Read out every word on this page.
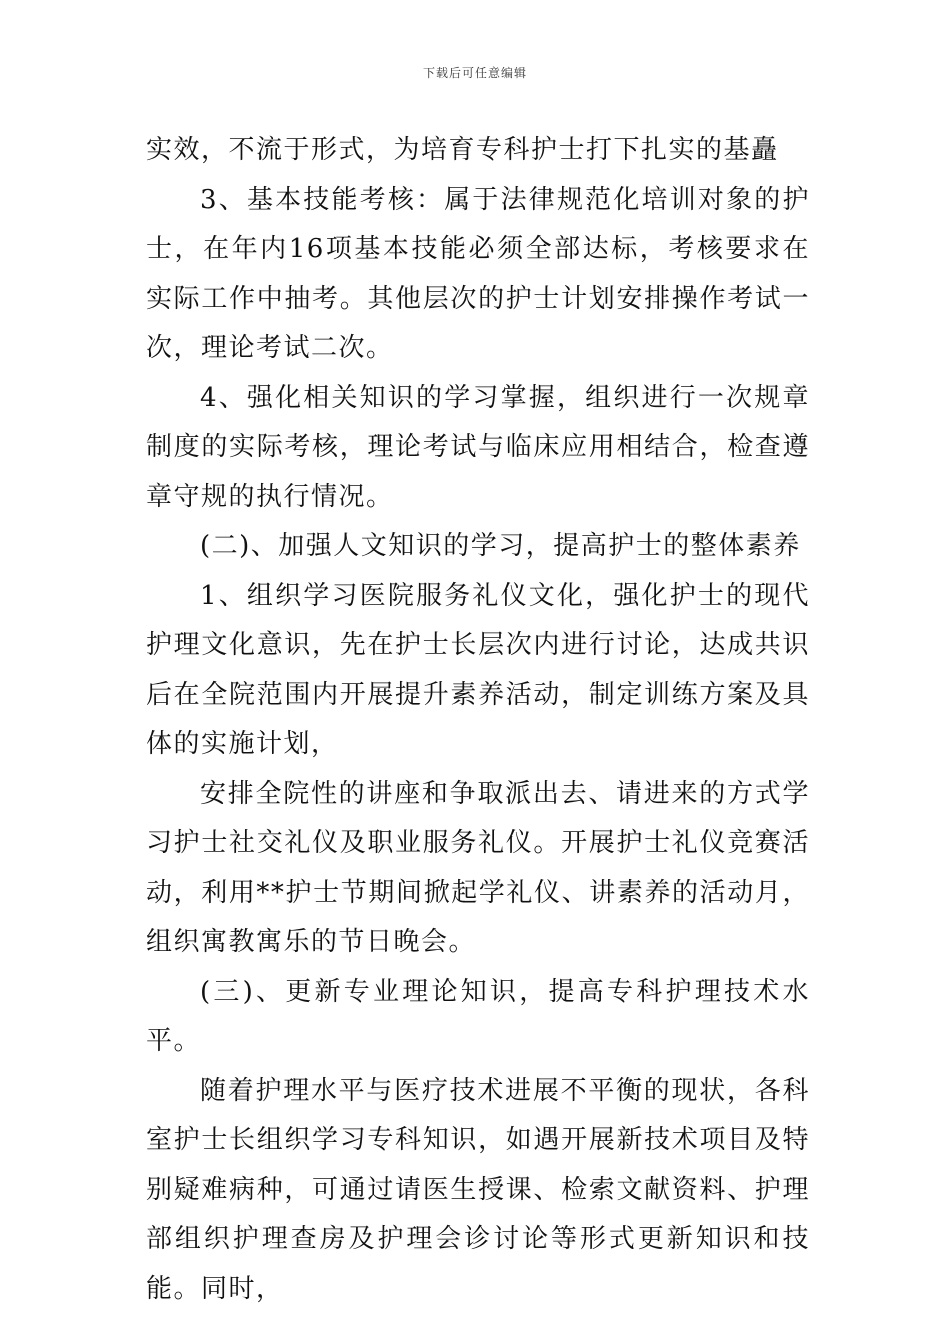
下载后可任意编辑

实效，不流于形式，为培育专科护士打下扎实的基矗

3、基本技能考核：属于法律规范化培训对象的护士，在年内16项基本技能必须全部达标，考核要求在实际工作中抽考。其他层次的护士计划安排操作考试一次，理论考试二次。

4、强化相关知识的学习掌握，组织进行一次规章制度的实际考核，理论考试与临床应用相结合，检查遵章守规的执行情况。

(二)、加强人文知识的学习，提高护士的整体素养

1、组织学习医院服务礼仪文化，强化护士的现代护理文化意识，先在护士长层次内进行讨论，达成共识后在全院范围内开展提升素养活动，制定训练方案及具体的实施计划，

安排全院性的讲座和争取派出去、请进来的方式学习护士社交礼仪及职业服务礼仪。开展护士礼仪竞赛活动，利用**护士节期间掀起学礼仪、讲素养的活动月，组织寓教寓乐的节日晚会。

(三)、更新专业理论知识，提高专科护理技术水平。

随着护理水平与医疗技术进展不平衡的现状，各科室护士长组织学习专科知识，如遇开展新技术项目及特别疑难病种，可通过请医生授课、检索文献资料、护理部组织护理查房及护理会诊讨论等形式更新知识和技能。同时，
